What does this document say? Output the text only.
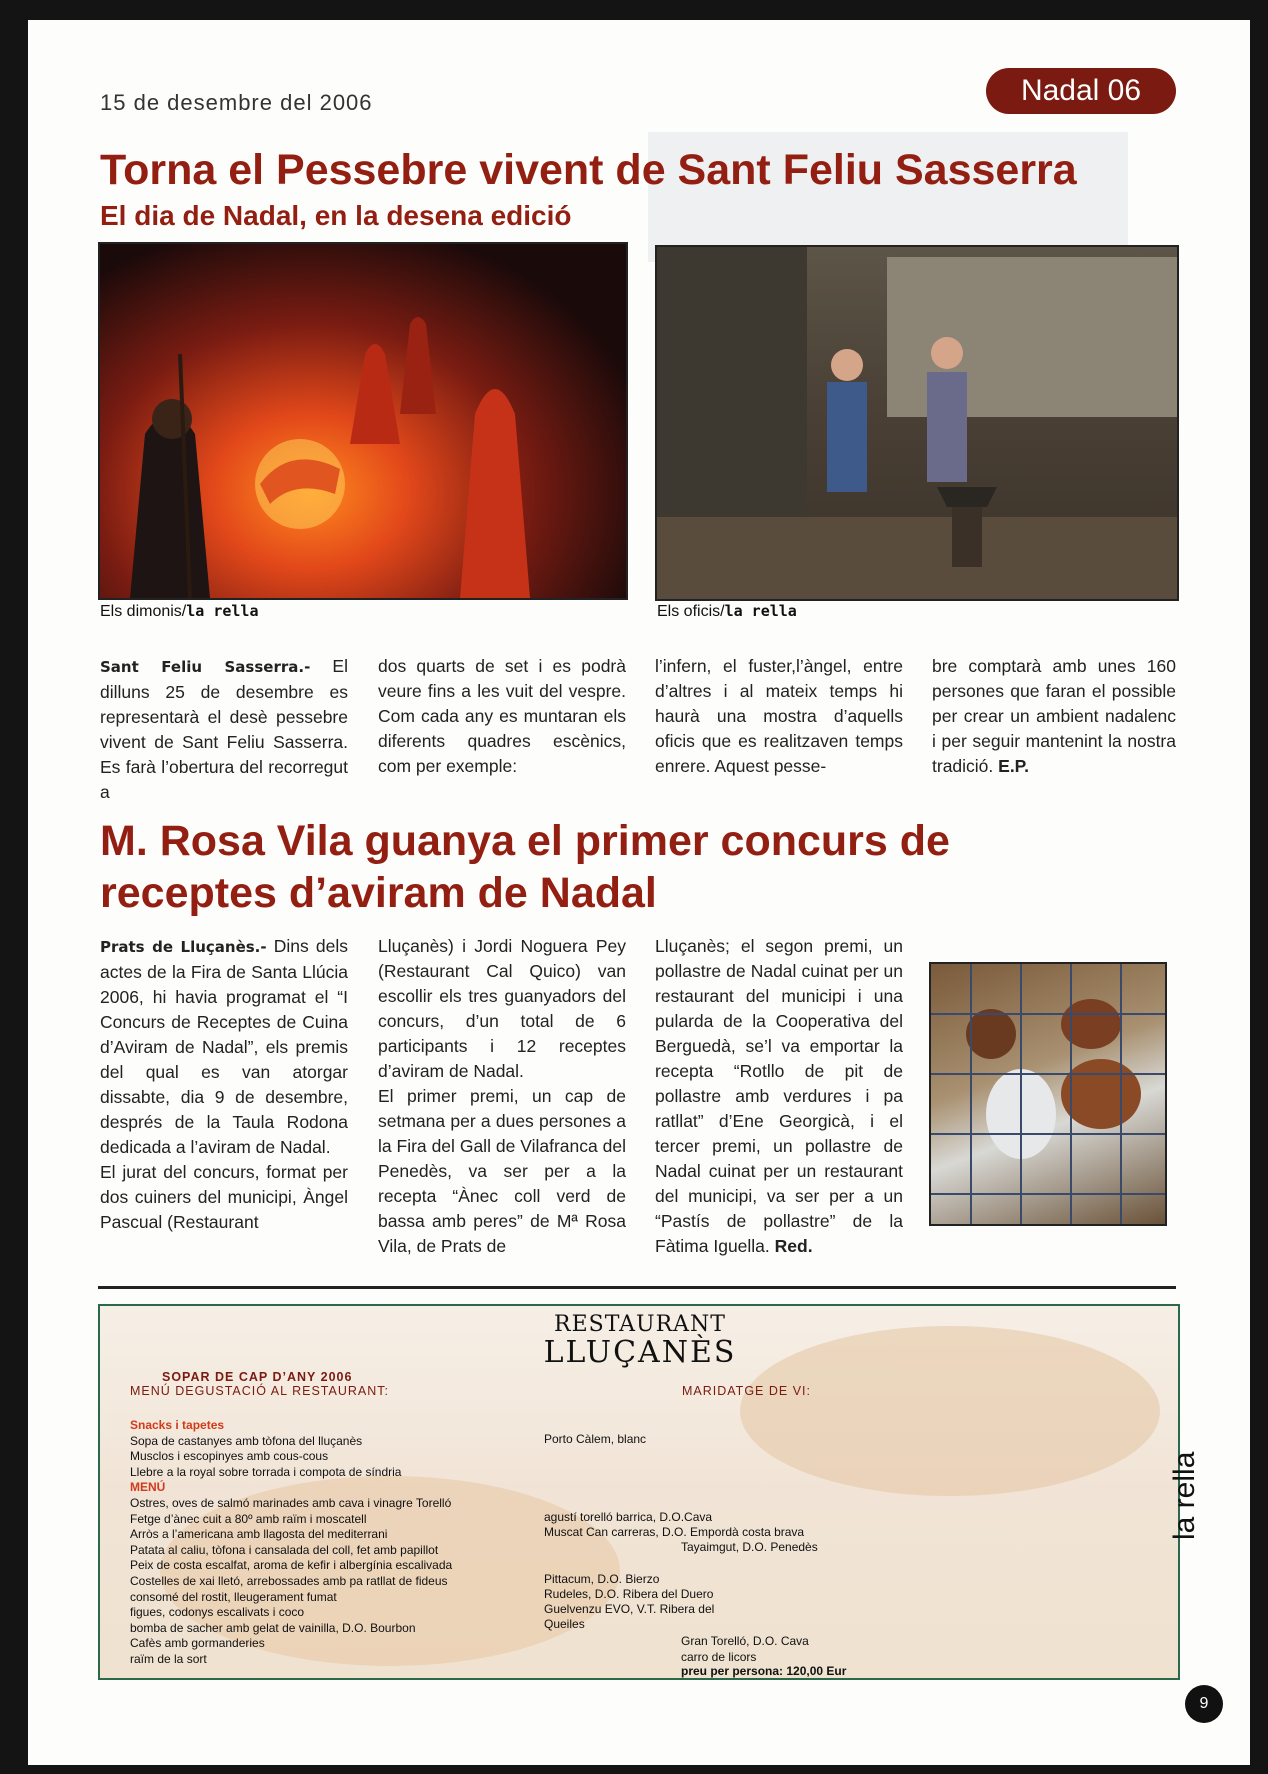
15 de desembre del 2006	Nadal 06
Torna el Pessebre vivent de Sant Feliu Sasserra
El dia de Nadal, en la desena edició
Els dimonis/la rella	Els oficis/la rella
Sant Feliu Sasserra.- El dilluns 25 de desembre es representarà el desè pessebre vivent de Sant Feliu Sasserra. Es farà l’obertura del recorregut a
dos quarts de set i es podrà veure fins a les vuit del vespre. Com cada any es muntaran els diferents quadres escènics, com per exemple:
l’infern, el fuster,l’àngel, entre d’altres i al mateix temps hi haurà una mostra d’aquells oficis que es realitzaven temps enrere. Aquest pesse-
bre comptarà amb unes 160 persones que faran el possible per crear un ambient nadalenc i per seguir mantenint la nostra tradició. E.P.
M. Rosa Vila guanya el primer concurs de receptes d’aviram de Nadal

Prats de Lluçanès.- Dins dels actes de la Fira de Santa Llúcia 2006, hi havia programat el “I Concurs de Receptes de Cuina d’Aviram de Nadal”, els premis del qual es van atorgar dissabte, dia 9 de desembre, després de la Taula Rodona dedicada a l’aviram de Nadal.

El jurat del concurs, format per dos cuiners del municipi, Àngel Pascual (Restaurant

Lluçanès) i Jordi Noguera Pey (Restaurant Cal Quico) van escollir els tres guanyadors del concurs, d’un total de 6 participants i 12 receptes d’aviram de Nadal.

El primer premi, un cap de setmana per a dues persones a la Fira del Gall de Vilafranca del Penedès, va ser per a la recepta “Ànec coll verd de bassa amb peres” de Mª Rosa Vila, de Prats de

Lluçanès; el segon premi, un pollastre de Nadal cuinat per un restaurant del municipi i una pularda de la Cooperativa del Berguedà, se’l va emportar la recepta “Rotllo de pit de pollastre amb verdures i pa ratllat” d’Ene Georgicà, i el tercer premi, un pollastre de Nadal cuinat per un restaurant del municipi, va ser per a un “Pastís de pollastre” de la Fàtima Iguella. Red.
RESTAURANT
LLUÇANÈS
SOPAR DE CAP D’ANY 2006
MENÚ DEGUSTACIÓ AL RESTAURANT:	MARIDATGE DE VI:
Snacks i tapetes
Sopa de castanyes amb tòfona del lluçanès
Musclos i escopinyes amb cous-cous
Llebre a la royal sobre torrada i compota de síndria
MENÚ
Ostres, oves de salmó marinades amb cava i vinagre Torelló
Fetge d’ànec cuit a 80º amb raïm i moscatell
Arròs a l’americana amb llagosta del mediterrani
Patata al caliu, tòfona i cansalada del coll, fet amb papillot
Peix de costa escalfat, aroma de kefir i albergínia escalivada
Costelles de xai lletó, arrebossades amb pa ratllat de fideus
consomé del rostit, lleugerament fumat
figues, codonys escalivats i coco
bomba de sacher amb gelat de vainilla, D.O. Bourbon
Cafès amb gormanderies
raïm de la sort
Porto Càlem, blanc
agustí torelló barrica, D.O.Cava
Muscat Can carreras, D.O. Empordà costa brava
Tayaimgut, D.O. Penedès
Pittacum, D.O. Bierzo
Rudeles, D.O. Ribera del Duero
Guelvenzu EVO, V.T. Ribera del
Queiles
Gran Torelló, D.O. Cava
carro de licors
preu per persona: 120,00 Eur
la rella
9
